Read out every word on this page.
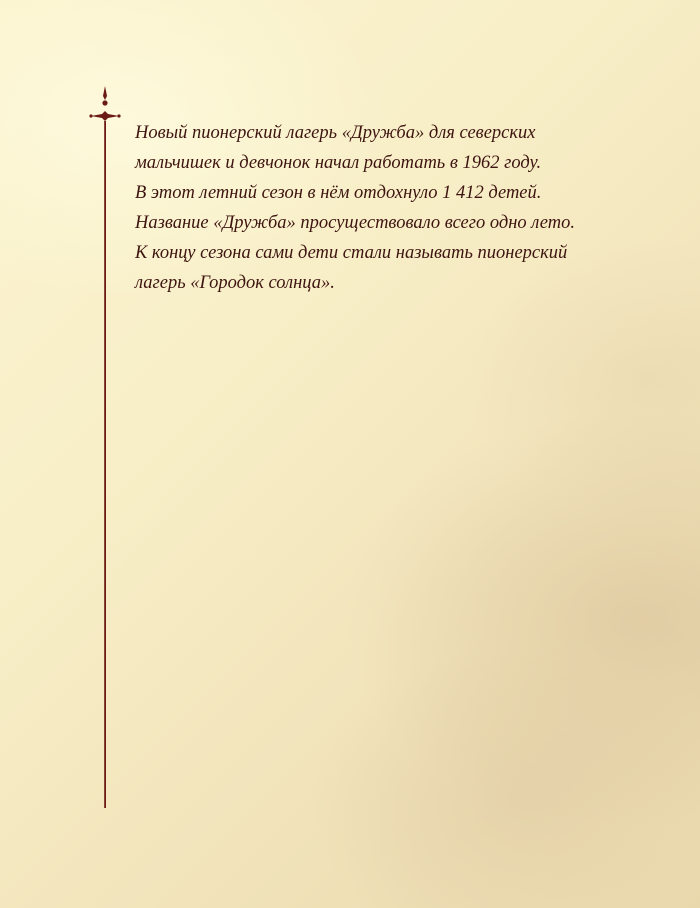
Новый пионерский лагерь «Дружба» для северских
мальчишек и девчонок начал работать в 1962 году.
В этот летний сезон в нём отдохнуло 1 412 детей.
Название «Дружба» просуществовало всего одно лето.
К концу сезона сами дети стали называть пионерский
лагерь «Городок солнца».
